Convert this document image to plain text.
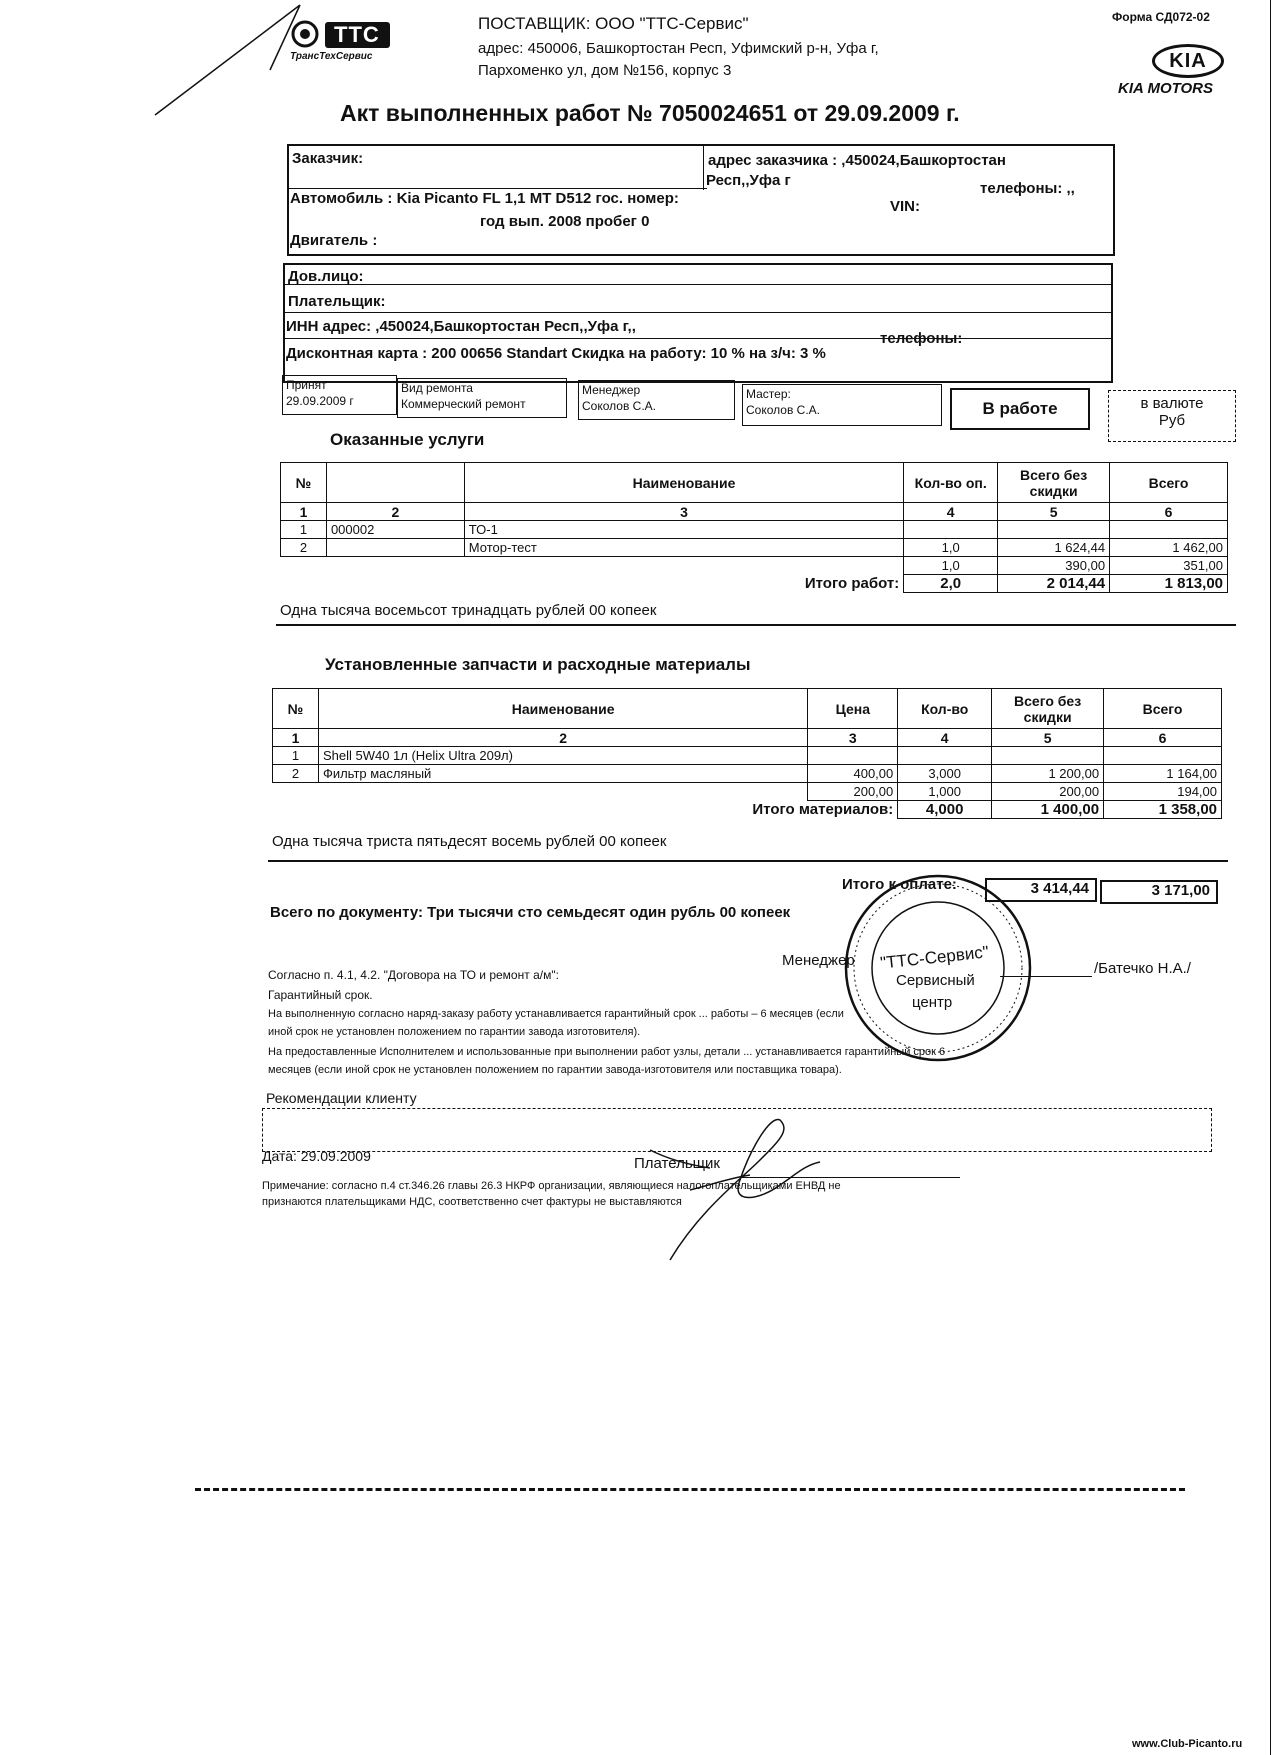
ТТС
ТрансТехСервис
ПОСТАВЩИК: ООО "ТТС-Сервис"
адрес: 450006, Башкортостан Респ, Уфимский р-н, Уфа г,
Пархоменко ул, дом №156, корпус 3
Форма СД072-02
KIA
KIA MOTORS
Акт выполненных работ № 7050024651 от 29.09.2009 г.
Заказчик:	адрес заказчика : ,450024,Башкортостан
Респ,,Уфа г	телефоны: ,,
Автомобиль : Kia Picanto FL 1,1 MT D512 гос. номер:	VIN:
год вып. 2008 пробег 0
Двигатель :
Дов.лицо:
Плательщик:
ИНН адрес: ,450024,Башкортостан Респ,,Уфа г,,
телефоны:
Дисконтная карта : 200 00656 Standart Скидка на работу: 10 % на з/ч: 3 %
Принят
29.09.2009 г
Вид ремонта
Коммерческий ремонт
Менеджер
Соколов С.А.
Мастер:
Соколов С.А.	В работе	в валюте
Руб
Оказанные услуги
№		Наименование	Кол-во оп.	Всего без скидки	Всего
1	2	3	4	5	6
1	000002	ТО-1			
2		Мотор-тест	1,0	1 624,44	1 462,00
			1,0	390,00	351,00
		Итого работ:	2,0	2 014,44	1 813,00
Одна тысяча восемьсот тринадцать рублей 00 копеек
Установленные запчасти и расходные материалы
№	Наименование	Цена	Кол-во	Всего без скидки	Всего
1	2	3	4	5	6
1	Shell 5W40 1л (Helix Ultra 209л)				
2	Фильтр масляный	400,00	3,000	1 200,00	1 164,00
		200,00	1,000	200,00	194,00
	Итого материалов:		4,000	1 400,00	1 358,00
Одна тысяча триста пятьдесят восемь рублей 00 копеек
Итого к оплате:	3 414,44	3 171,00
Всего по документу: Три тысячи сто семьдесят один рубль 00 копеек
Менеджер	/Батечко Н.А./
Согласно п. 4.1, 4.2. "Договора на ТО и ремонт а/м":
Гарантийный срок.
На выполненную согласно наряд-заказу работу устанавливается гарантийный срок ... работы – 6 месяцев (если
иной срок не установлен положением по гарантии завода изготовителя).
На предоставленные Исполнителем и использованные при выполнении работ узлы, детали ... устанавливается гарантийный срок 6
месяцев (если иной срок не установлен положением по гарантии завода-изготовителя или поставщика товара).
Рекомендации клиенту
Дата: 29.09.2009	Плательщик
Примечание: согласно п.4 ст.346.26 главы 26.3 НКРФ организации, являющиеся налогоплательщиками ЕНВД не
признаются плательщиками НДС, соответственно счет фактуры не выставляются
"ТТС-Сервис"
Сервисный
центр
www.Club-Picanto.ru
